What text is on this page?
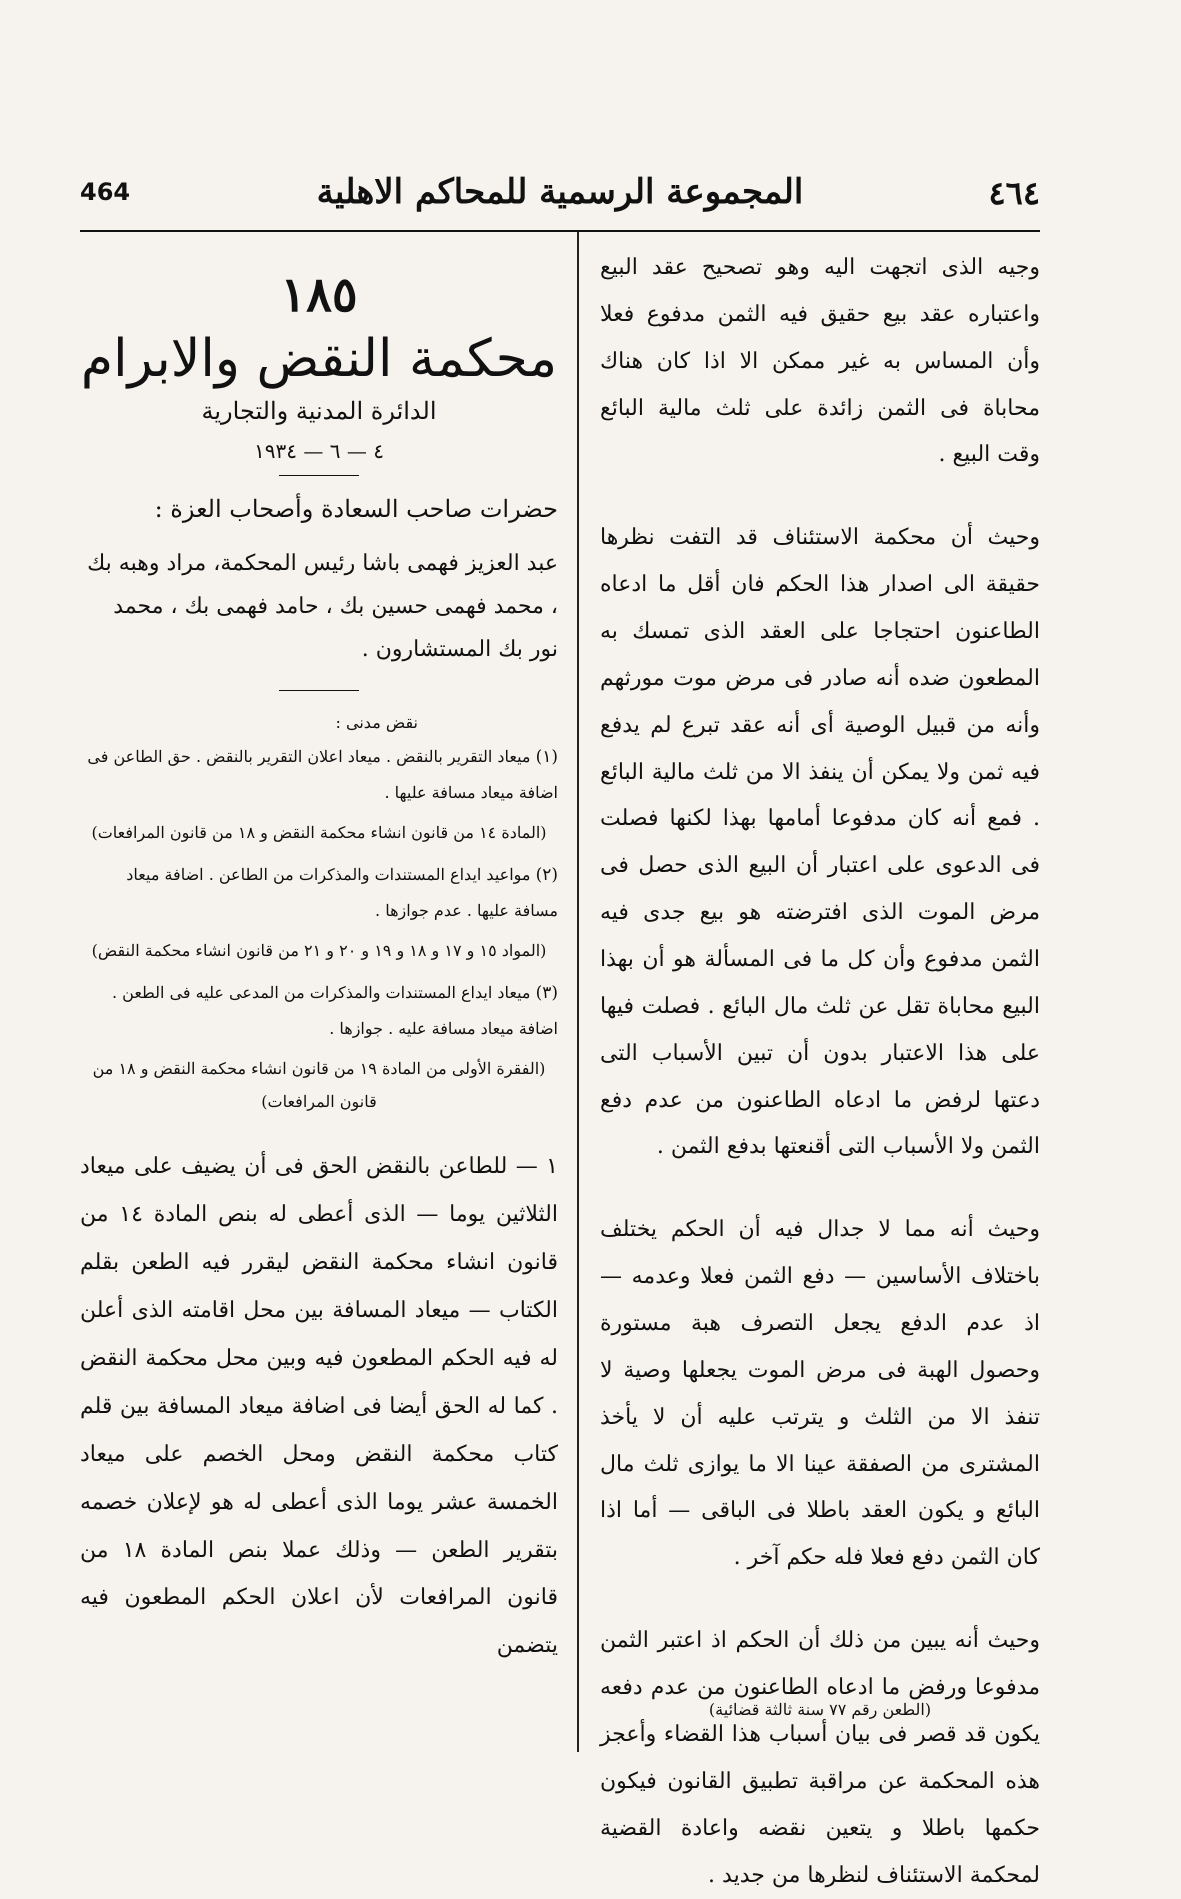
464	المجموعة الرسمية للمحاكم الاهلية	٤٦٤
١٨٥
محكمة النقض والابرام
الدائرة المدنية والتجارية
٤ — ٦ — ١٩٣٤
حضرات صاحب السعادة وأصحاب العزة :
عبد العزيز فهمى باشا رئيس المحكمة، مراد وهبه بك ، محمد فهمى حسين بك ، حامد فهمى بك ، محمد نور بك المستشارون .
نقض مدنى :
(١) ميعاد التقرير بالنقض . ميعاد اعلان التقرير بالنقض . حق الطاعن فى اضافة ميعاد مسافة عليها .
(المادة ١٤ من قانون انشاء محكمة النقض و ١٨ من قانون المرافعات)
(٢) مواعيد ايداع المستندات والمذكرات من الطاعن . اضافة ميعاد مسافة عليها . عدم جوازها .
(المواد ١٥ و ١٧ و ١٨ و ١٩ و ٢٠ و ٢١ من قانون انشاء محكمة النقض)
(٣) ميعاد ايداع المستندات والمذكرات من المدعى عليه فى الطعن . اضافة ميعاد مسافة عليه . جوازها .
(الفقرة الأولى من المادة ١٩ من قانون انشاء محكمة النقض و ١٨ من قانون المرافعات)
١ — للطاعن بالنقض الحق فى أن يضيف على ميعاد الثلاثين يوما — الذى أعطى له بنص المادة ١٤ من قانون انشاء محكمة النقض ليقرر فيه الطعن بقلم الكتاب — ميعاد المسافة بين محل اقامته الذى أعلن له فيه الحكم المطعون فيه وبين محل محكمة النقض . كما له الحق أيضا فى اضافة ميعاد المسافة بين قلم كتاب محكمة النقض ومحل الخصم على ميعاد الخمسة عشر يوما الذى أعطى له هو لإعلان خصمه بتقرير الطعن — وذلك عملا بنص المادة ١٨ من قانون المرافعات لأن اعلان الحكم المطعون فيه يتضمن
وجيه الذى اتجهت اليه وهو تصحيح عقد البيع واعتباره عقد بيع حقيق فيه الثمن مدفوع فعلا وأن المساس به غير ممكن الا اذا كان هناك محاباة فى الثمن زائدة على ثلث مالية البائع وقت البيع .
وحيث أن محكمة الاستئناف قد التفت نظرها حقيقة الى اصدار هذا الحكم فان أقل ما ادعاه الطاعنون احتجاجا على العقد الذى تمسك به المطعون ضده أنه صادر فى مرض موت مورثهم وأنه من قبيل الوصية أى أنه عقد تبرع لم يدفع فيه ثمن ولا يمكن أن ينفذ الا من ثلث مالية البائع . فمع أنه كان مدفوعا أمامها بهذا لكنها فصلت فى الدعوى على اعتبار أن البيع الذى حصل فى مرض الموت الذى افترضته هو بيع جدى فيه الثمن مدفوع وأن كل ما فى المسألة هو أن بهذا البيع محاباة تقل عن ثلث مال البائع . فصلت فيها على هذا الاعتبار بدون أن تبين الأسباب التى دعتها لرفض ما ادعاه الطاعنون من عدم دفع الثمن ولا الأسباب التى أقنعتها بدفع الثمن .
وحيث أنه مما لا جدال فيه أن الحكم يختلف باختلاف الأساسين — دفع الثمن فعلا وعدمه — اذ عدم الدفع يجعل التصرف هبة مستورة وحصول الهبة فى مرض الموت يجعلها وصية لا تنفذ الا من الثلث و يترتب عليه أن لا يأخذ المشترى من الصفقة عينا الا ما يوازى ثلث مال البائع و يكون العقد باطلا فى الباقى — أما اذا كان الثمن دفع فعلا فله حكم آخر .
وحيث أنه يبين من ذلك أن الحكم اذ اعتبر الثمن مدفوعا ورفض ما ادعاه الطاعنون من عدم دفعه يكون قد قصر فى بيان أسباب هذا القضاء وأعجز هذه المحكمة عن مراقبة تطبيق القانون فيكون حكمها باطلا و يتعين نقضه واعادة القضية لمحكمة الاستئناف لنظرها من جديد .
(الطعن رقم ٧٧ سنة ثالثة قضائية)
